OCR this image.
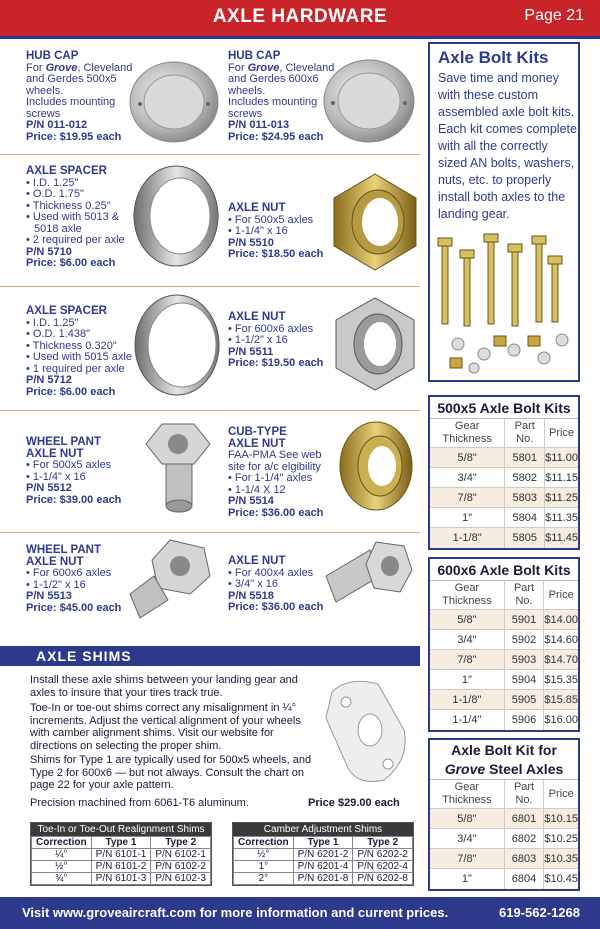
AXLE HARDWARE	Page 21
HUB CAP
For Grove, Cleveland
and Gerdes 500x5
wheels.
Includes mounting
screws
P/N 011-012
Price: $19.95 each
HUB CAP
For Grove, Cleveland
and Gerdes 600x6
wheels.
Includes mounting
screws
P/N 011-013
Price: $24.95 each
AXLE SPACER
• I.D. 1.25"
• O.D. 1.75"
• Thickness 0.25"
• Used with 5013 &
5018 axle
• 2 required per axle
P/N 5710
Price: $6.00 each
AXLE NUT
• For 500x5 axles
• 1-1/4" x 16
P/N 5510
Price: $18.50 each
AXLE SPACER
• I.D. 1.25"
• O.D. 1.438"
• Thickness 0.320"
• Used with 5015 axle
• 1 required per axle
P/N 5712
Price: $6.00 each
AXLE NUT
• For 600x6 axles
• 1-1/2" x 16
P/N 5511
Price: $19.50 each
WHEEL PANT
AXLE NUT
• For 500x5 axles
• 1-1/4" x 16
P/N 5512
Price: $39.00 each
CUB-TYPE
AXLE NUT
FAA-PMA See web
site for a/c elgibility
• For 1-1/4" axles
• 1-1/4 X 12
P/N 5514
Price: $36.00 each
WHEEL PANT
AXLE NUT
• For 600x6 axles
• 1-1/2" x 16
P/N 5513
Price: $45.00 each
AXLE NUT
• For 400x4 axles
• 3/4" x 16
P/N 5518
Price: $36.00 each
Axle Bolt Kits
Save time and money with these custom assembled axle bolt kits. Each kit comes complete with all the correctly sized AN bolts, washers, nuts, etc. to properly install both axles to the landing gear.
500x5 Axle Bolt Kits
Gear Thickness	Part No.	Price
5/8"	5801	$11.00
3/4"	5802	$11.15
7/8"	5803	$11.25
1"	5804	$11.35
1-1/8"	5805	$11.45
600x6 Axle Bolt Kits
Gear Thickness	Part No.	Price
5/8"	5901	$14.00
3/4"	5902	$14.60
7/8"	5903	$14.70
1"	5904	$15.35
1-1/8"	5905	$15.85
1-1/4"	5906	$16.00
Axle Bolt Kit for
Grove Steel Axles
Gear Thickness	Part No.	Price
5/8"	6801	$10.15
3/4"	6802	$10.25
7/8"	6803	$10.35
1"	6804	$10.45
AXLE SHIMS
Install these axle shims between your landing gear and axles to insure that your tires track true.
Toe-In or toe-out shims correct any misalignment in ¼° increments. Adjust the vertical alignment of your wheels with camber alignment shims. Visit our website for directions on selecting the proper shim.
Shims for Type 1 are typically used for 500x5 wheels, and Type 2 for 600x6 — but not always. Consult the chart on page 22 for your axle pattern.
Precision machined from 6061-T6 aluminum.	Price $29.00 each
Toe-In or Toe-Out Realignment Shims
Correction	Type 1	Type 2
¼°	P/N 6101-1	P/N 6102-1
½°	P/N 6101-2	P/N 6102-2
¾°	P/N 6101-3	P/N 6102-3
Camber Adjustment Shims
Correction	Type 1	Type 2
½°	P/N 6201-2	P/N 6202-2
1°	P/N 6201-4	P/N 6202-4
2°	P/N 6201-8	P/N 6202-8
Visit www.groveaircraft.com for more information and current prices.	619-562-1268
